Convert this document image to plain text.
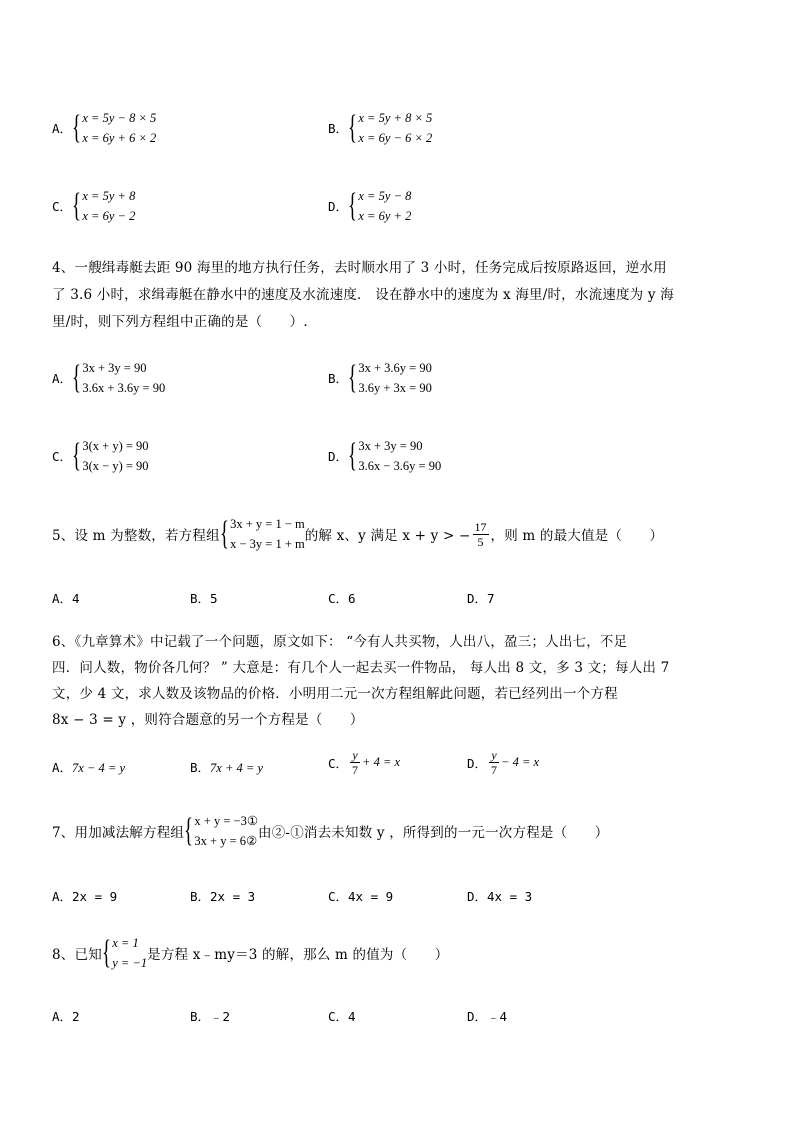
A． { x = 5y − 8 × 5
x = 6y + 6 × 2
B． { x = 5y + 8 × 5
x = 6y − 6 × 2
C． { x = 5y + 8
x = 6y − 2
D． { x = 5y − 8
x = 6y + 2
4、一艘缉毒艇去距 90 海里的地方执行任务，去时顺水用了 3 小时，任务完成后按原路返回，逆水用
了 3.6 小时，求缉毒艇在静水中的速度及水流速度． 设在静水中的速度为 x 海里/时，水流速度为 y 海
里/时，则下列方程组中正确的是（　　）.
A． { 3x + 3y = 90
3.6x + 3.6y = 90
B． { 3x + 3.6y = 90
3.6y + 3x = 90
C． { 3(x + y) = 90
3(x − y) = 90
D． { 3x + 3y = 90
3.6x − 3.6y = 90
5、设 m 为整数，若方程组 { 3x + y = 1 − m
x − 3y = 1 + m 的解 x、y 满足 x + y > − $\frac{17}{5}$ ，则 m 的最大值是（　　）
A．4	B．5	C．6	D．7
6、《九章算术》中记载了一个问题，原文如下： “今有人共买物，人出八，盈三；人出七，不足
四．问人数，物价各几何？ ” 大意是：有几个人一起去买一件物品， 每人出 8 文，多 3 文；每人出 7
文，少 4 文，求人数及该物品的价格．小明用二元一次方程组解此问题，若已经列出一个方程
8x − 3 = y ，则符合题意的另一个方程是（　　）
A．7x − 4 = y	B．7x + 4 = y	C． $\frac{y}{7} + 4 = x$	D． $\frac{y}{7} - 4 = x$
7、用加减法解方程组 { x + y = −3①
3x + y = 6② 由②-①消去未知数 y ，所得到的一元一次方程是（　　）
A．2x = 9	B．2x = 3	C．4x = 9	D．4x = 3
8、已知 { x = 1
y = −1 是方程 x﹣my＝3 的解，那么 m 的值为（　　）
A．2	B．﹣2	C．4	D．﹣4
